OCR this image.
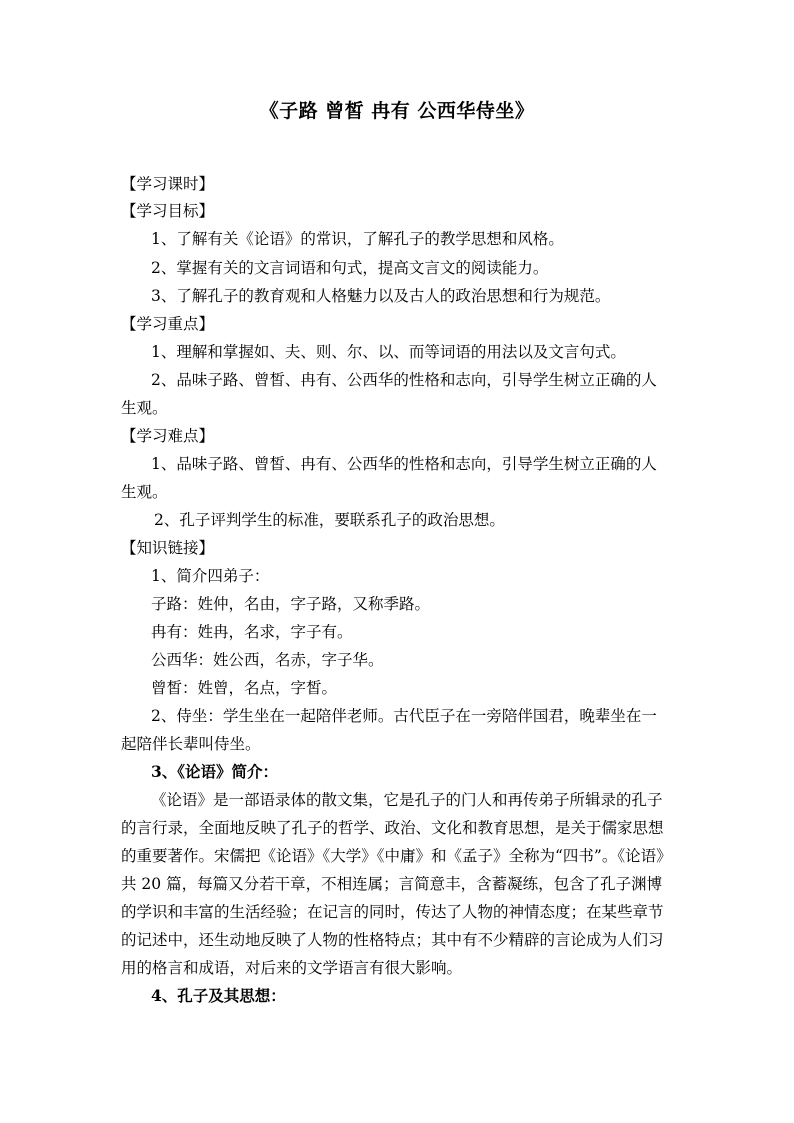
《子路 曾皙 冉有 公西华侍坐》
【学习课时】
【学习目标】
1、了解有关《论语》的常识，了解孔子的教学思想和风格。
2、掌握有关的文言词语和句式，提高文言文的阅读能力。
3、了解孔子的教育观和人格魅力以及古人的政治思想和行为规范。
【学习重点】
1、理解和掌握如、夫、则、尔、以、而等词语的用法以及文言句式。
2、品味子路、曾皙、冉有、公西华的性格和志向，引导学生树立正确的人
生观。
【学习难点】
1、品味子路、曾皙、冉有、公西华的性格和志向，引导学生树立正确的人
生观。
2、孔子评判学生的标准，要联系孔子的政治思想。
【知识链接】
1、简介四弟子：
子路：姓仲，名由，字子路，又称季路。
冉有：姓冉，名求，字子有。
公西华：姓公西，名赤，字子华。
曾皙：姓曾，名点，字皙。
2、侍坐：学生坐在一起陪伴老师。古代臣子在一旁陪伴国君，晚辈坐在一
起陪伴长辈叫侍坐。
3、《论语》简介：
《论语》是一部语录体的散文集，它是孔子的门人和再传弟子所辑录的孔子
的言行录，全面地反映了孔子的哲学、政治、文化和教育思想，是关于儒家思想
的重要著作。宋儒把《论语》《大学》《中庸》和《孟子》全称为“四书”。《论语》
共 20 篇，每篇又分若干章，不相连属；言简意丰，含蓄凝练，包含了孔子渊博
的学识和丰富的生活经验；在记言的同时，传达了人物的神情态度；在某些章节
的记述中，还生动地反映了人物的性格特点；其中有不少精辟的言论成为人们习
用的格言和成语，对后来的文学语言有很大影响。
4、孔子及其思想：
